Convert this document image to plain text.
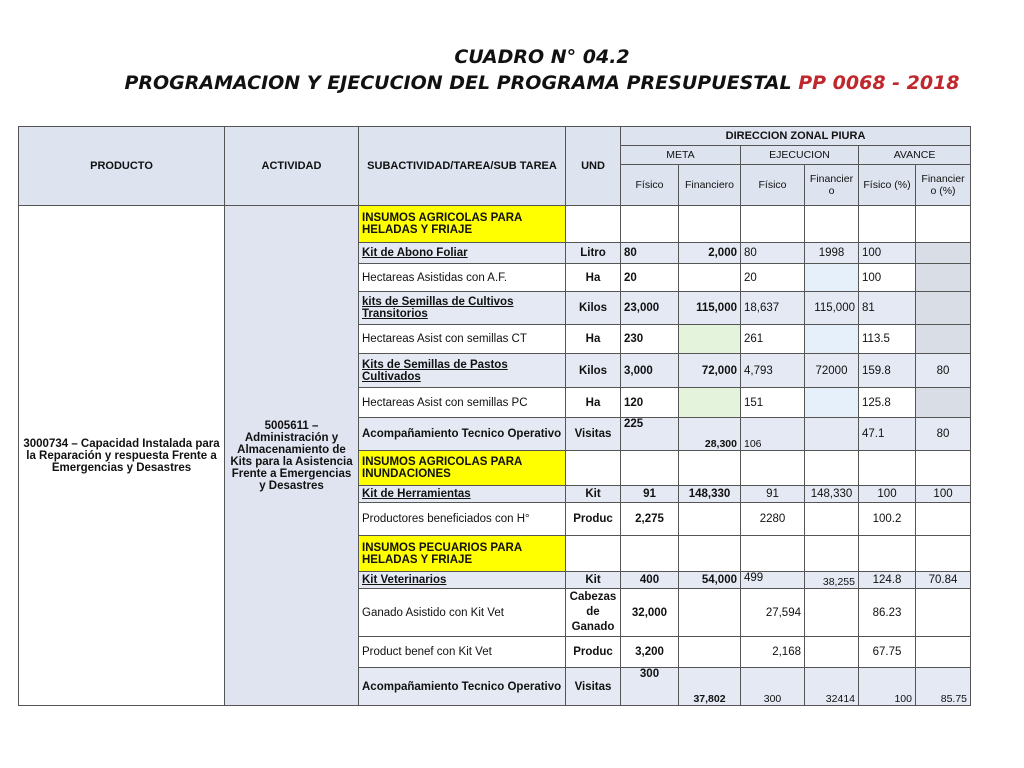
CUADRO N° 04.2
PROGRAMACION Y EJECUCION DEL PROGRAMA PRESUPUESTAL PP 0068 - 2018
PRODUCTO	ACTIVIDAD	SUBACTIVIDAD/TAREA/SUB TAREA	UND	DIRECCION ZONAL PIURA					
				META		EJECUCION		AVANCE	
				Físico	Financiero	Físico	Financier o	Físico (%)	Financier o (%)
3000734 – Capacidad Instalada para la Reparación y respuesta Frente a Emergencias y Desastres	5005611 – Administración y Almacenamiento de Kits para la Asistencia Frente a Emergencias y Desastres	INSUMOS AGRICOLAS PARA HELADAS Y FRIAJE							
		Kit de Abono Foliar	Litro	80	2,000	80	1998	100	
		Hectareas Asistidas con A.F.	Ha	20		20		100	
		kits de Semillas de Cultivos Transitorios	Kilos	23,000	115,000	18,637	115,000	81	
		Hectareas Asist con semillas CT	Ha	230		261		113.5	
		Kits de Semillas de Pastos Cultivados	Kilos	3,000	72,000	4,793	72000	159.8	80
		Hectareas Asist con semillas PC	Ha	120		151		125.8	
		Acompañamiento Tecnico Operativo	Visitas	225	28,300	106		47.1	80
		INSUMOS AGRICOLAS PARA INUNDACIONES							
		Kit de Herramientas	Kit	91	148,330	91	148,330	100	100
		Productores beneficiados con H°	Produc	2,275		2280		100.2	
		INSUMOS PECUARIOS PARA HELADAS Y FRIAJE							
		Kit Veterinarios	Kit	400	54,000	499	38,255	124.8	70.84
		Ganado Asistido con Kit Vet	Cabezas de Ganado	32,000		27,594		86.23	
		Product benef con Kit Vet	Produc	3,200		2,168		67.75	
		Acompañamiento Tecnico Operativo	Visitas	300	37,802	300	32414	100	85.75
